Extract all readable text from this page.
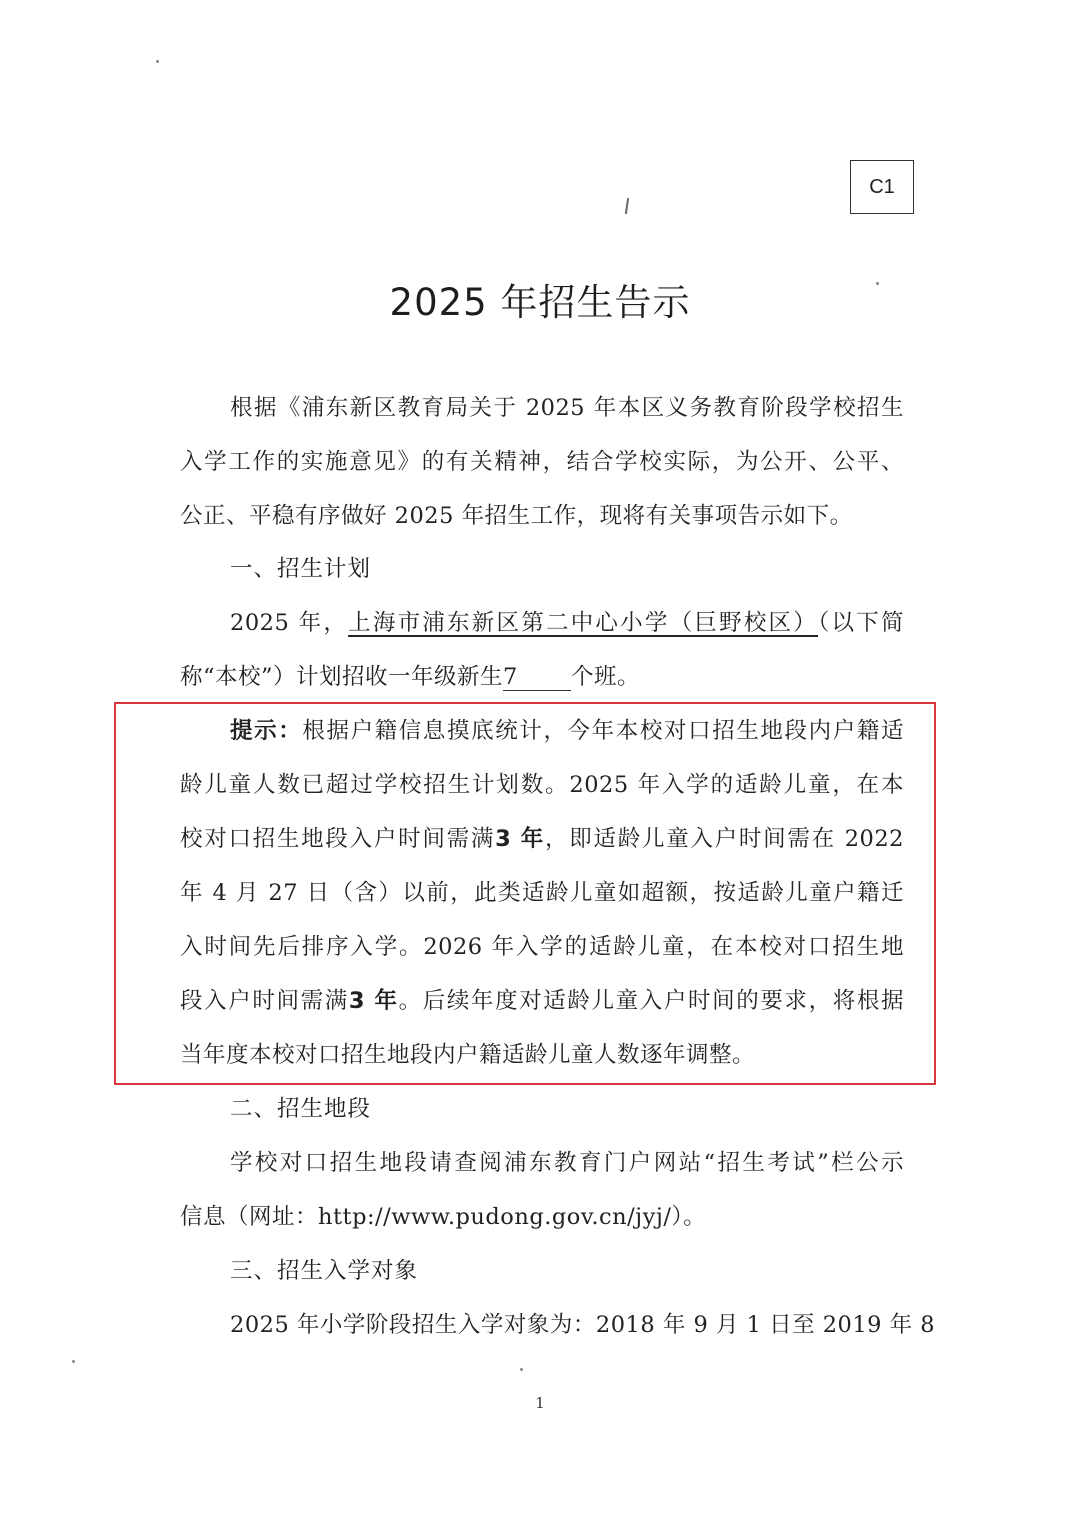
C1
2025 年招生告示
根据《浦东新区教育局关于 2025 年本区义务教育阶段学校招生
入学工作的实施意见》的有关精神，结合学校实际，为公开、公平、
公正、平稳有序做好 2025 年招生工作，现将有关事项告示如下。
一、招生计划
2025 年，上海市浦东新区第二中心小学（巨野校区）（以下简
称“本校”）计划招收一年级新生7 个班。
提示：根据户籍信息摸底统计，今年本校对口招生地段内户籍适
龄儿童人数已超过学校招生计划数。2025 年入学的适龄儿童，在本
校对口招生地段入户时间需满3 年，即适龄儿童入户时间需在 2022
年 4 月 27 日（含）以前，此类适龄儿童如超额，按适龄儿童户籍迁
入时间先后排序入学。2026 年入学的适龄儿童，在本校对口招生地
段入户时间需满3 年。后续年度对适龄儿童入户时间的要求，将根据
当年度本校对口招生地段内户籍适龄儿童人数逐年调整。
二、招生地段
学校对口招生地段请查阅浦东教育门户网站“招生考试”栏公示
信息（网址：http://www.pudong.gov.cn/jyj/）。
三、招生入学对象
2025 年小学阶段招生入学对象为：2018 年 9 月 1 日至 2019 年 8
1
